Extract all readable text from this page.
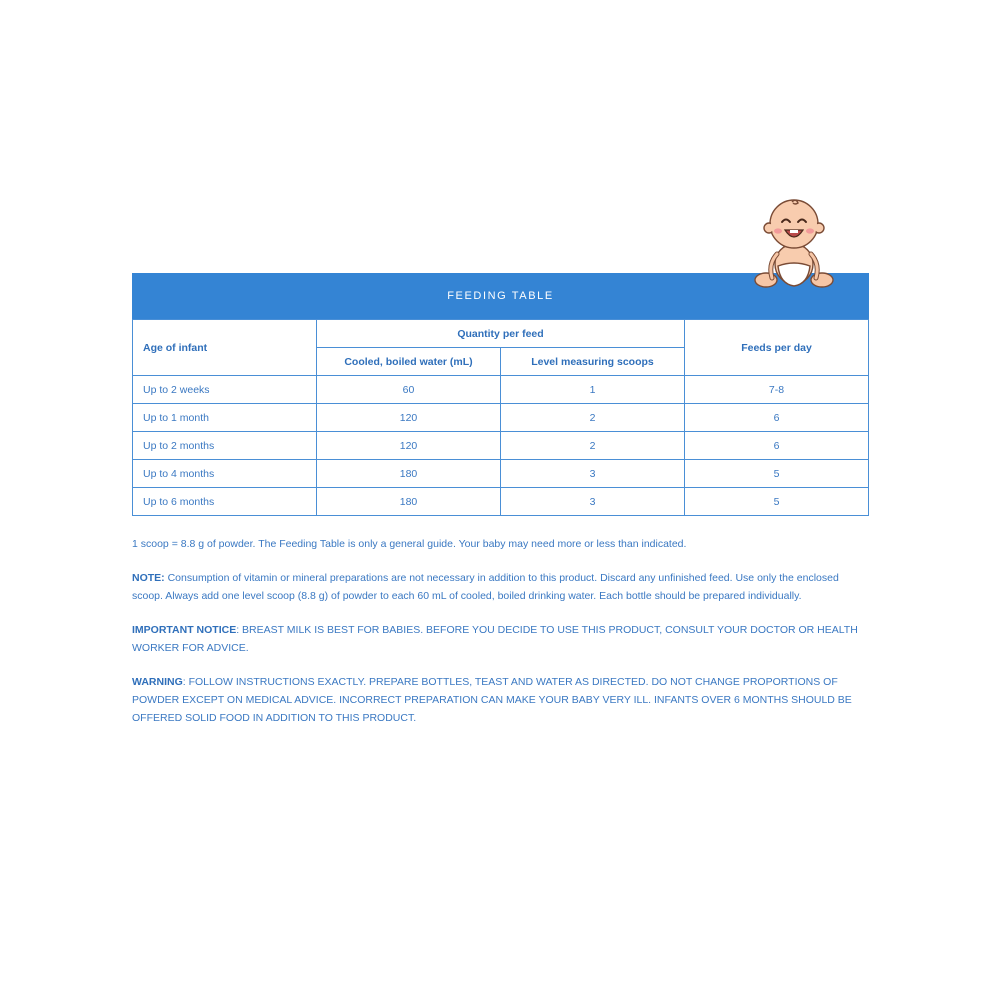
FEEDING TABLE
Age of infant	Quantity per feed		Feeds per day
	Cooled, boiled water (mL)	Level measuring scoops	
Up to 2 weeks	60	1	7-8
Up to 1 month	120	2	6
Up to 2 months	120	2	6
Up to 4 months	180	3	5
Up to 6 months	180	3	5

1 scoop = 8.8 g of powder. The Feeding Table is only a general guide. Your baby may need more or less than indicated.

NOTE: Consumption of vitamin or mineral preparations are not necessary in addition to this product. Discard any unfinished feed. Use only the enclosed scoop. Always add one level scoop (8.8 g) of powder to each 60 mL of cooled, boiled drinking water. Each bottle should be prepared individually.

IMPORTANT NOTICE: BREAST MILK IS BEST FOR BABIES. BEFORE YOU DECIDE TO USE THIS PRODUCT, CONSULT YOUR DOCTOR OR HEALTH WORKER FOR ADVICE.

WARNING: FOLLOW INSTRUCTIONS EXACTLY. PREPARE BOTTLES, TEAST AND WATER AS DIRECTED. DO NOT CHANGE PROPORTIONS OF POWDER EXCEPT ON MEDICAL ADVICE. INCORRECT PREPARATION CAN MAKE YOUR BABY VERY ILL. INFANTS OVER 6 MONTHS SHOULD BE OFFERED SOLID FOOD IN ADDITION TO THIS PRODUCT.
